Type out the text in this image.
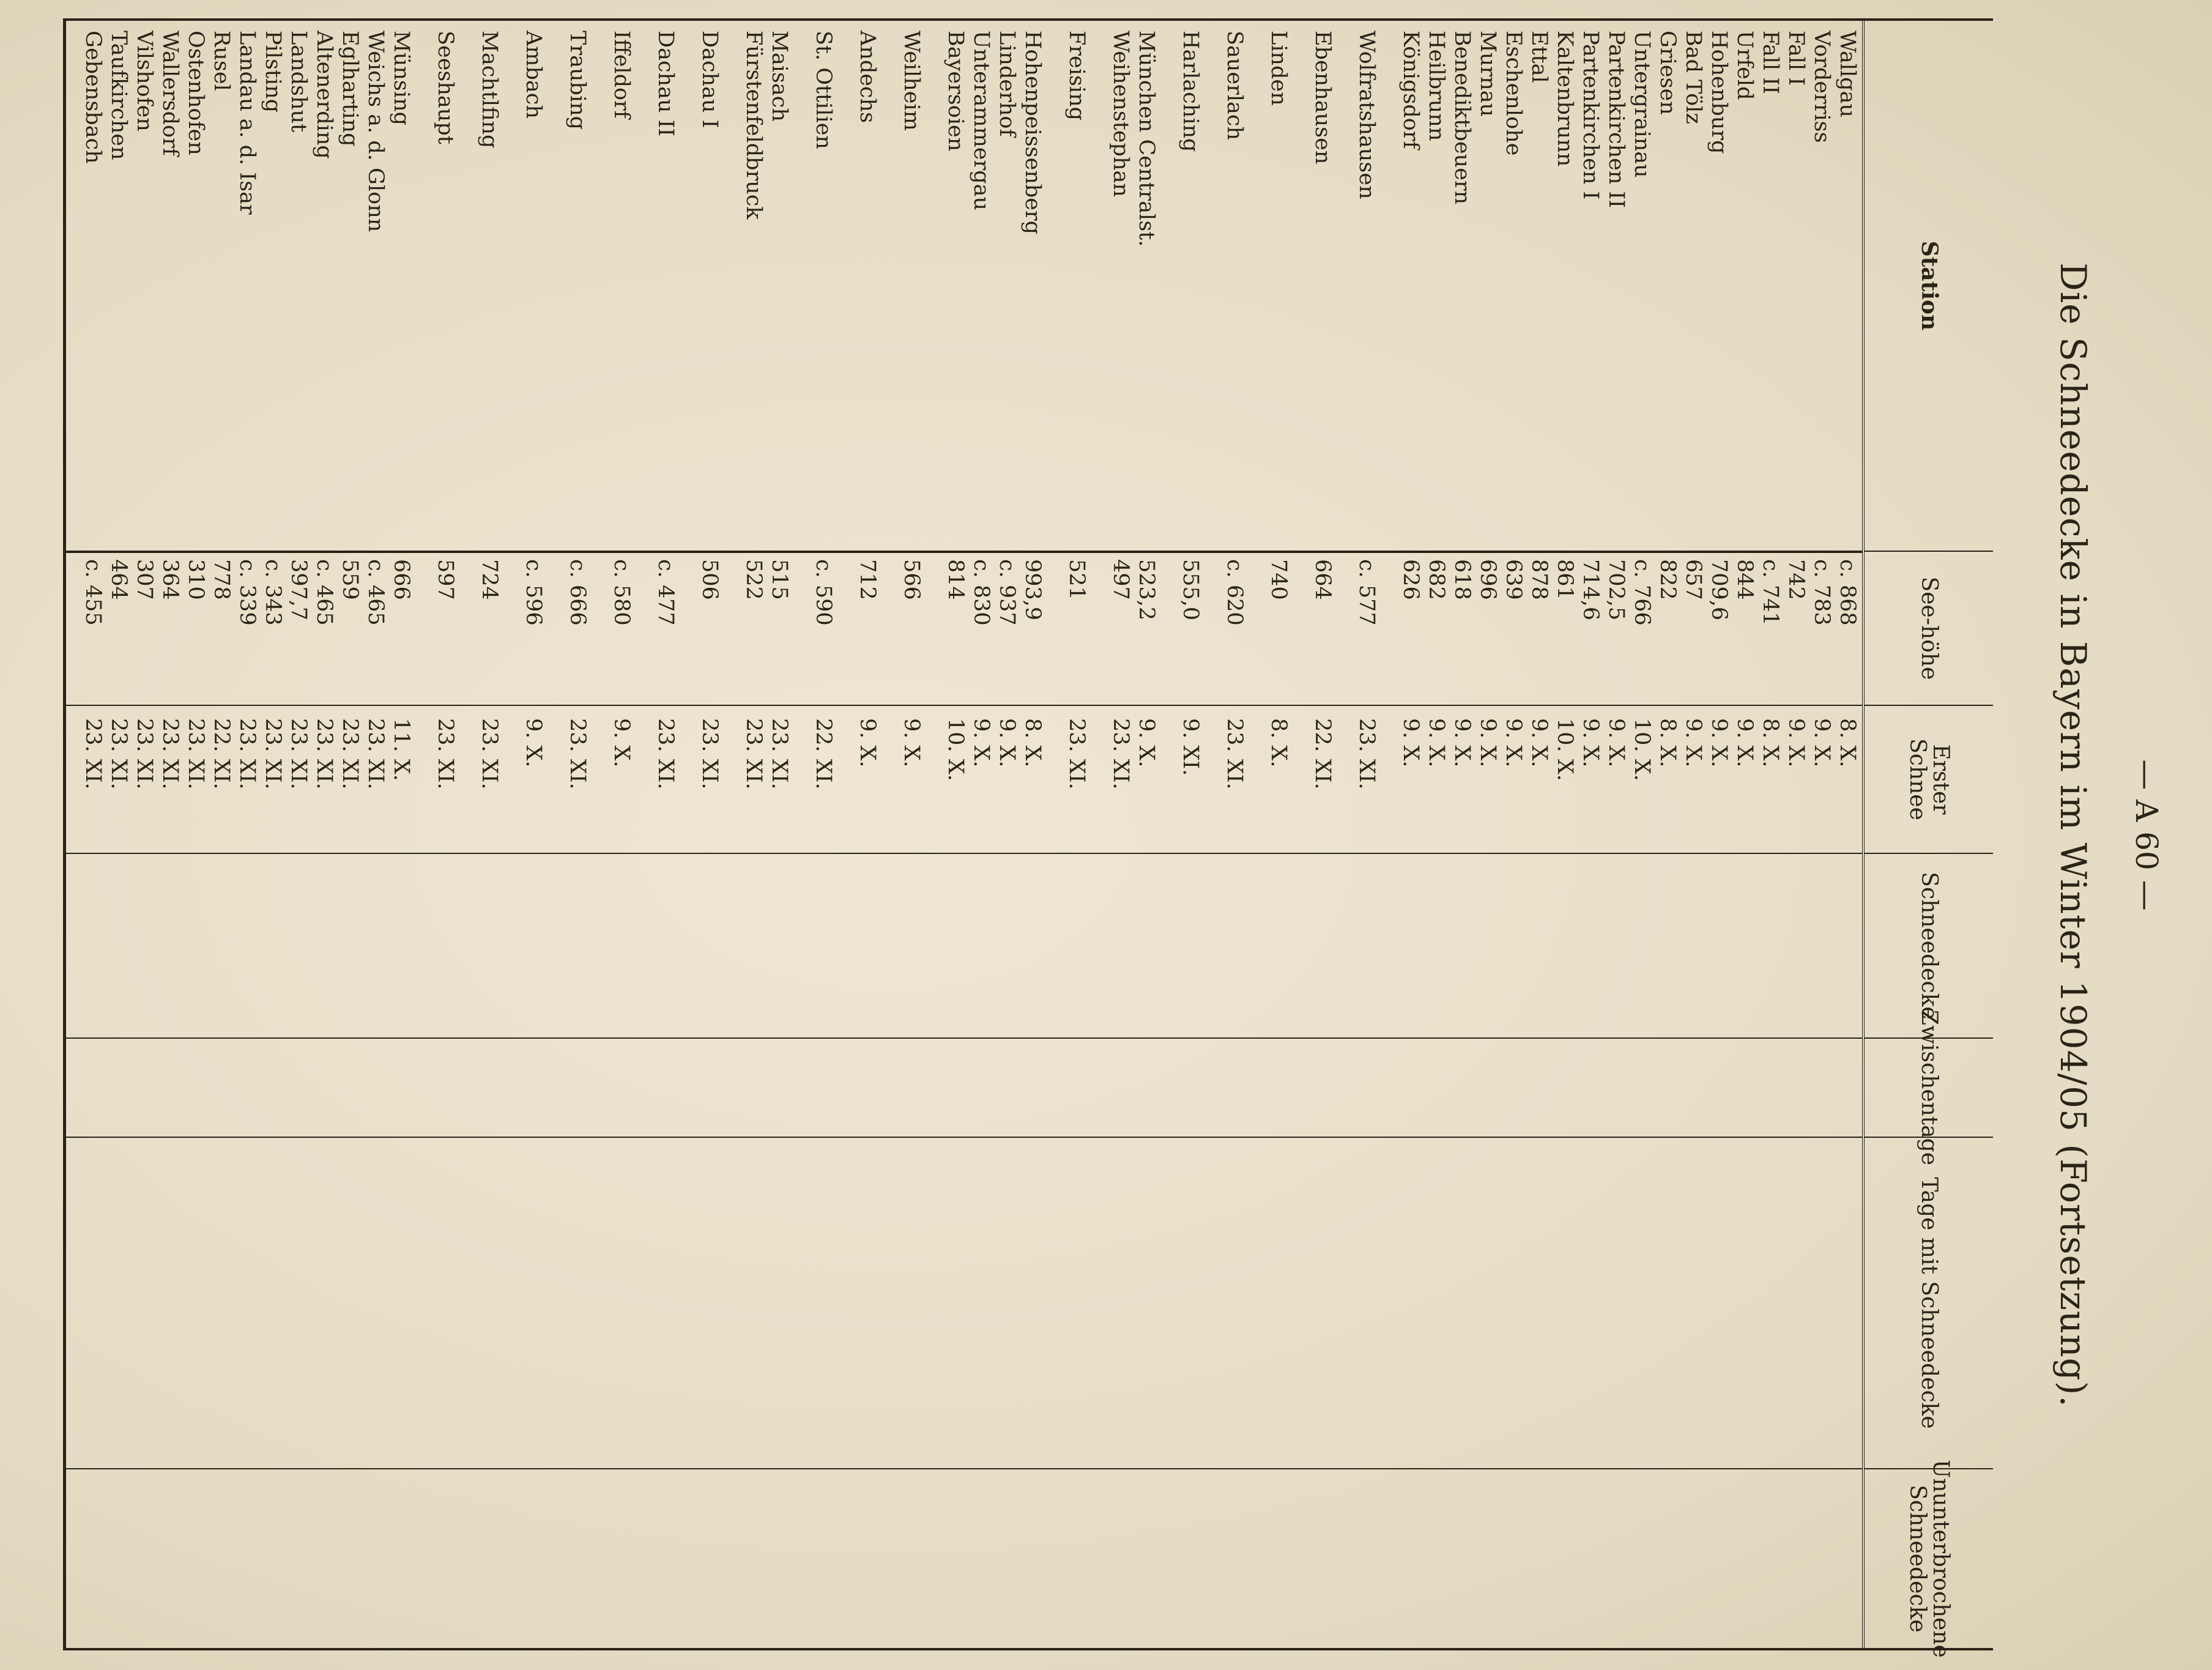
— A 60 —
Die Schneedecke in Bayern im Winter 1904/05 (Fortsetzung).
Station
See-höhe
Erster Schnee
Schneedecke
Zwischentage
Tage mit Schneedecke
Ununterbrochene Schneedecke
Wallgau
c. 868
8. X.
Vorderriss
c. 783
9. X.
Fall I
742
9. X.
Fall II
c. 741
8. X.
Urfeld
844
9. X.
Hohenburg
709,6
9. X.
Bad Tölz
657
9. X.
Griesen
822
8. X.
Untergrainau
c. 766
10. X.
Partenkirchen II
702,5
9. X.
Partenkirchen I
714,6
9. X.
Kaltenbrunn
861
10. X.
Ettal
878
9. X.
Eschenlohe
639
9. X.
Murnau
696
9. X.
Benediktbeuern
618
9. X.
Heilbrunn
682
9. X.
Königsdorf
626
9. X.
Wolfratshausen
c. 577
23. XI.
Ebenhausen
664
22. XI.
Linden
740
8. X.
Sauerlach
c. 620
23. XI.
Harlaching
555,0
9. XI.
München Centralst.
523,2
9. X.
Weihenstephan
497
23. XI.
Freising
521
23. XI.
Hohenpeissenberg
993,9
8. X.
Linderhof
c. 937
9. X.
Unterammergau
c. 830
9. X.
Bayersoien
814
10. X.
Weilheim
566
9. X.
Andechs
712
9. X.
St. Ottilien
c. 590
22. XI.
Maisach
515
23. XI.
Fürstenfeldbruck
522
23. XI.
Dachau I
506
23. XI.
Dachau II
c. 477
23. XI.
Iffeldorf
c. 580
9. X.
Traubing
c. 666
23. XI.
Ambach
c. 596
9. X.
Machtlfing
724
23. XI.
Seeshaupt
597
23. XI.
Münsing
666
11. X.
Weichs a. d. Glonn
c. 465
23. XI.
Eglharting
559
23. XI.
Altenerding
c. 465
23. XI.
Landshut
397,7
23. XI.
Pilsting
c. 343
23. XI.
Landau a. d. Isar
c. 339
23. XI.
Rusel
778
22. XI.
Ostenhofen
310
23. XI.
Wallersdorf
364
23. XI.
Vilshofen
307
23. XI.
Taufkirchen
464
23. XI.
Gebensbach
c. 455
23. XI.
